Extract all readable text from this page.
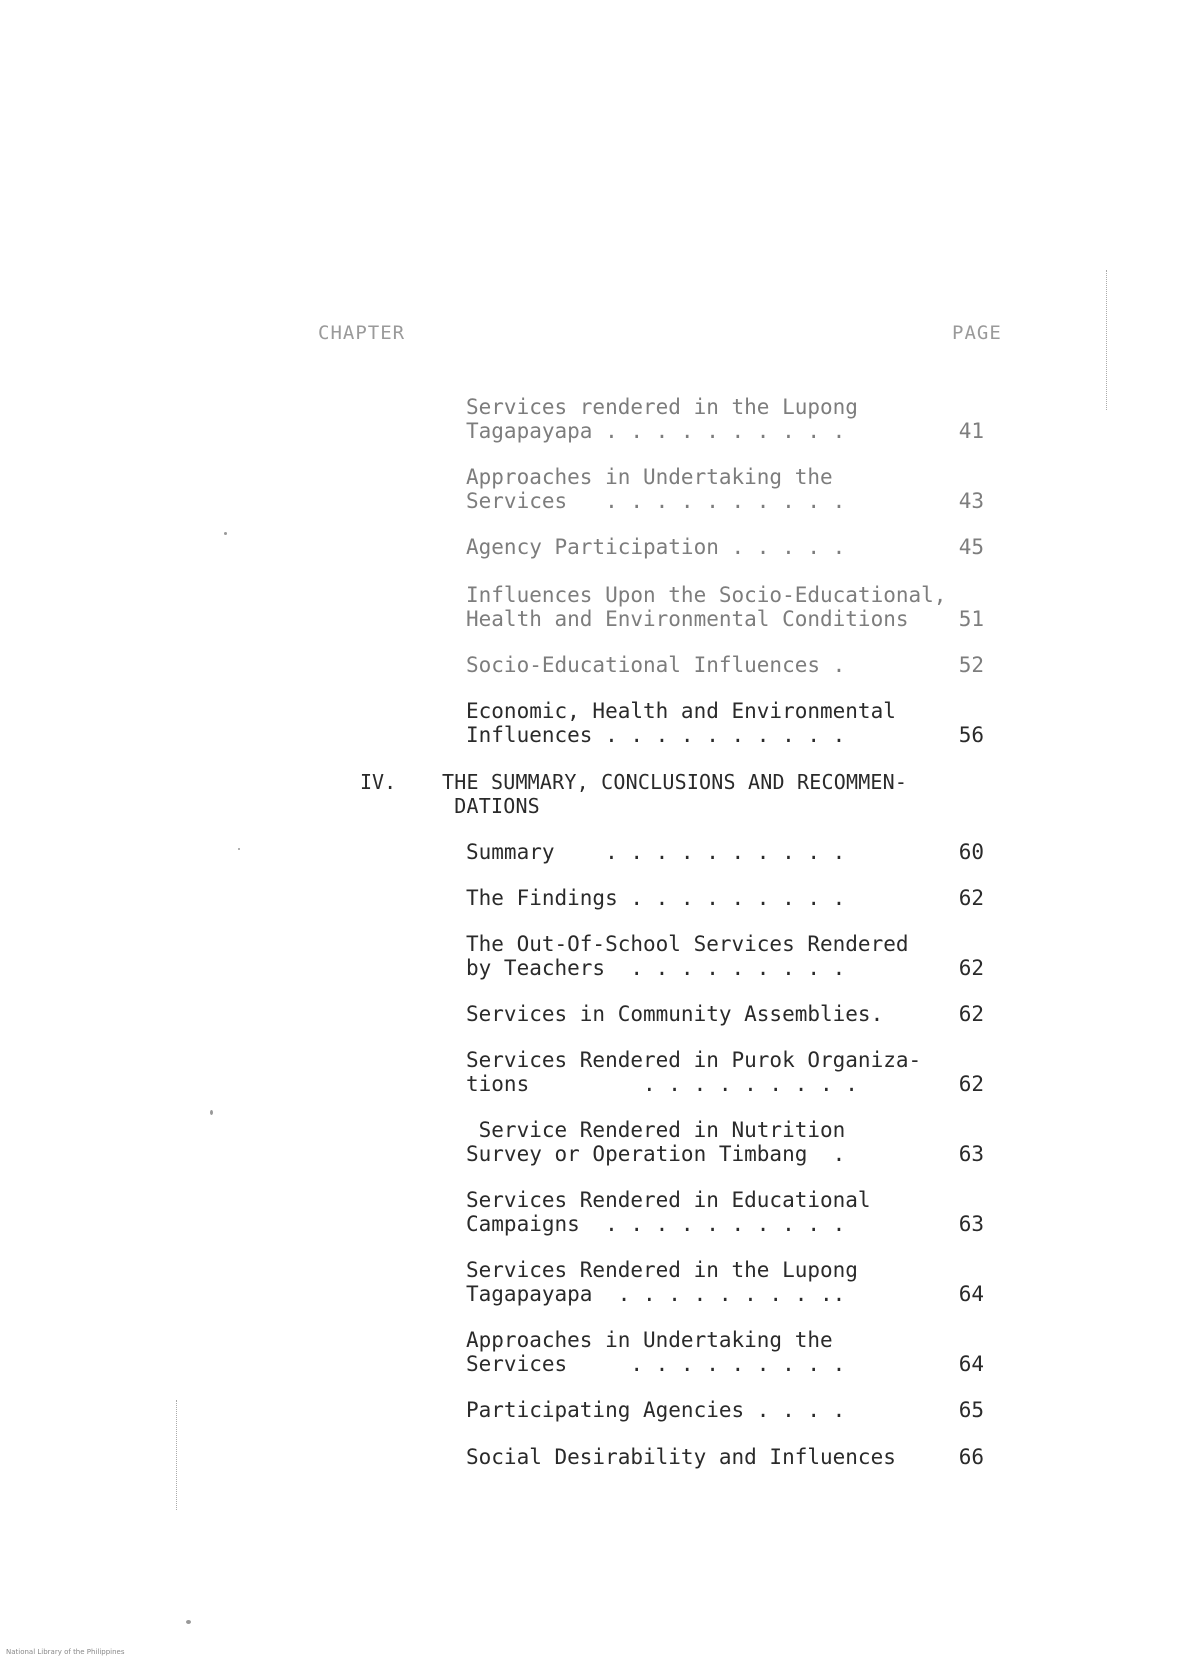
CHAPTER	PAGE
Services rendered in the Lupong
Tagapayapa . . . . . . . . . .	41
Approaches in Undertaking the
Services   . . . . . . . . . .	43
Agency Participation . . . . .	45
Influences Upon the Socio-Educational,
Health and Environmental Conditions	51
Socio-Educational Influences .	52
Economic, Health and Environmental
Influences . . . . . . . . . .	56
IV. THE SUMMARY, CONCLUSIONS AND RECOMMEN-
DATIONS
Summary    . . . . . . . . . .	60
The Findings . . . . . . . . .	62
The Out-Of-School Services Rendered
by Teachers  . . . . . . . . .	62
Services in Community Assemblies.	62
Services Rendered in Purok Organiza-
tions         . . . . . . . . .	62
Service Rendered in Nutrition
Survey or Operation Timbang  .	63
Services Rendered in Educational
Campaigns  . . . . . . . . . .	63
Services Rendered in the Lupong
Tagapayapa  . . . . . . . . ..	64
Approaches in Undertaking the
Services     . . . . . . . . .	64
Participating Agencies . . . .	65
Social Desirability and Influences	66
National Library of the Philippines
